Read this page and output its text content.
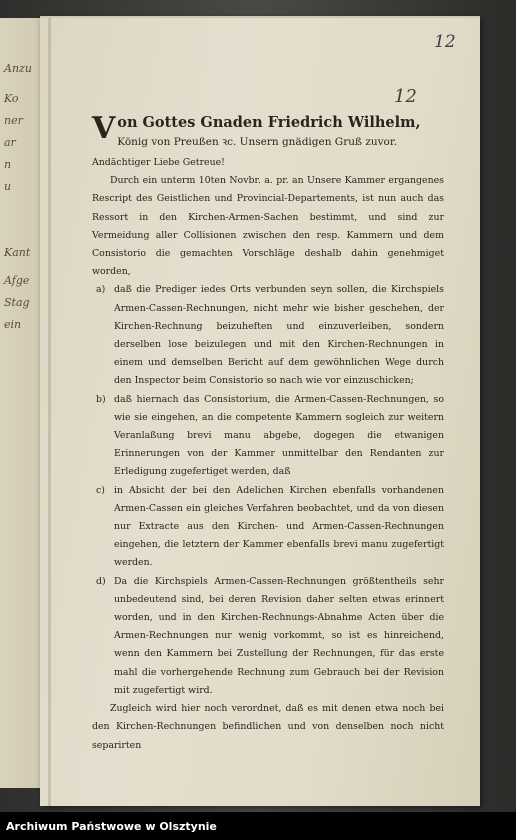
Anzu
Ko
ner
ar
n
u
Kant
Afge
Stag
ein
12
12
V on Gottes Gnaden Friedrich Wilhelm,
König von Preußen ꝛc. Unsern gnädigen Gruß zuvor.
Andächtiger Liebe Getreue!
Durch ein unterm 10ten Novbr. a. pr. an Unsere Kammer ergangenes Rescript des Geistlichen und Provincial-Departements, ist nun auch das Ressort in den Kirchen-Armen-Sachen bestimmt, und sind zur Vermeidung aller Collisionen zwischen den resp. Kammern und dem Consistorio die gemachten Vorschläge deshalb dahin genehmiget worden,
a) daß die Prediger iedes Orts verbunden seyn sollen, die Kirchspiels Armen-Cassen-Rechnungen, nicht mehr wie bisher geschehen, der Kirchen-Rechnung beizuheften und einzuverleiben, sondern derselben lose beizulegen und mit den Kirchen-Rechnungen in einem und demselben Bericht auf dem gewöhnlichen Wege durch den Inspector beim Consistorio so nach wie vor einzuschicken;
b) daß hiernach das Consistorium, die Armen-Cassen-Rechnungen, so wie sie eingehen, an die competente Kammern sogleich zur weitern Veranlaßung brevi manu abgebe, dogegen die etwanigen Erinnerungen von der Kammer unmittelbar den Rendanten zur Erledigung zugefertiget werden, daß
c) in Absicht der bei den Adelichen Kirchen ebenfalls vorhandenen Armen-Cassen ein gleiches Verfahren beobachtet, und da von diesen nur Extracte aus den Kirchen- und Armen-Cassen-Rechnungen eingehen, die letztern der Kammer ebenfalls brevi manu zugefertigt werden.
d) Da die Kirchspiels Armen-Cassen-Rechnungen größtentheils sehr unbedeutend sind, bei deren Revision daher selten etwas erinnert worden, und in den Kirchen-Rechnungs-Abnahme Acten über die Armen-Rechnungen nur wenig vorkommt, so ist es hinreichend, wenn den Kammern bei Zustellung der Rechnungen, für das erste mahl die vorhergehende Rechnung zum Gebrauch bei der Revision mit zugefertigt wird.
Zugleich wird hier noch verordnet, daß es mit denen etwa noch bei den Kirchen-Rechnungen befindlichen und von denselben noch nicht separirten
Archiwum Państwowe w Olsztynie
